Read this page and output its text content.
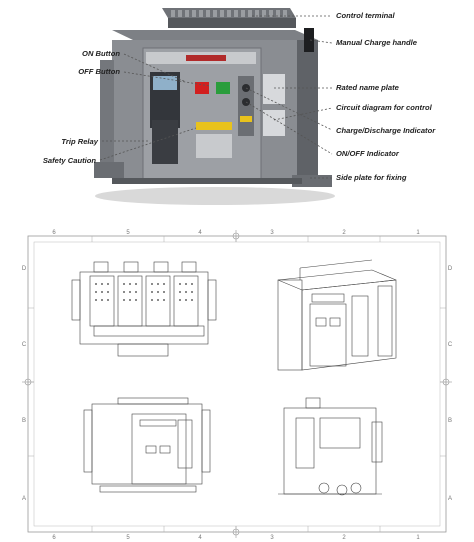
ON Button
OFF Button
Trip Relay
Safety Caution
Control terminal
Manual Charge handle
Rated name plate
Circuit diagram for control
Charge/Discharge Indicator
ON/OFF Indicator
Side plate for fixing
6	5	4	3	2	1
6	5	4	3	2	1
D
C
B
A
D
C
B
A
